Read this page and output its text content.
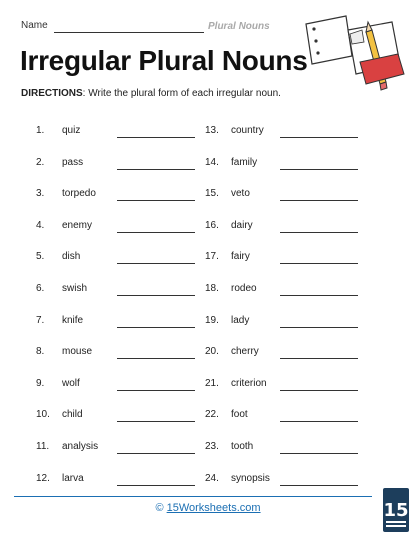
Name	Plural Nouns
Irregular Plural Nouns
DIRECTIONS: Write the plural form of each irregular noun.
1. quiz
2. pass
3. torpedo
4. enemy
5. dish
6. swish
7. knife
8. mouse
9. wolf
10. child
11. analysis
12. larva
13. country
14. family
15. veto
16. dairy
17. fairy
18. rodeo
19. lady
20. cherry
21. criterion
22. foot
23. tooth
24. synopsis
© 15Worksheets.com	15
